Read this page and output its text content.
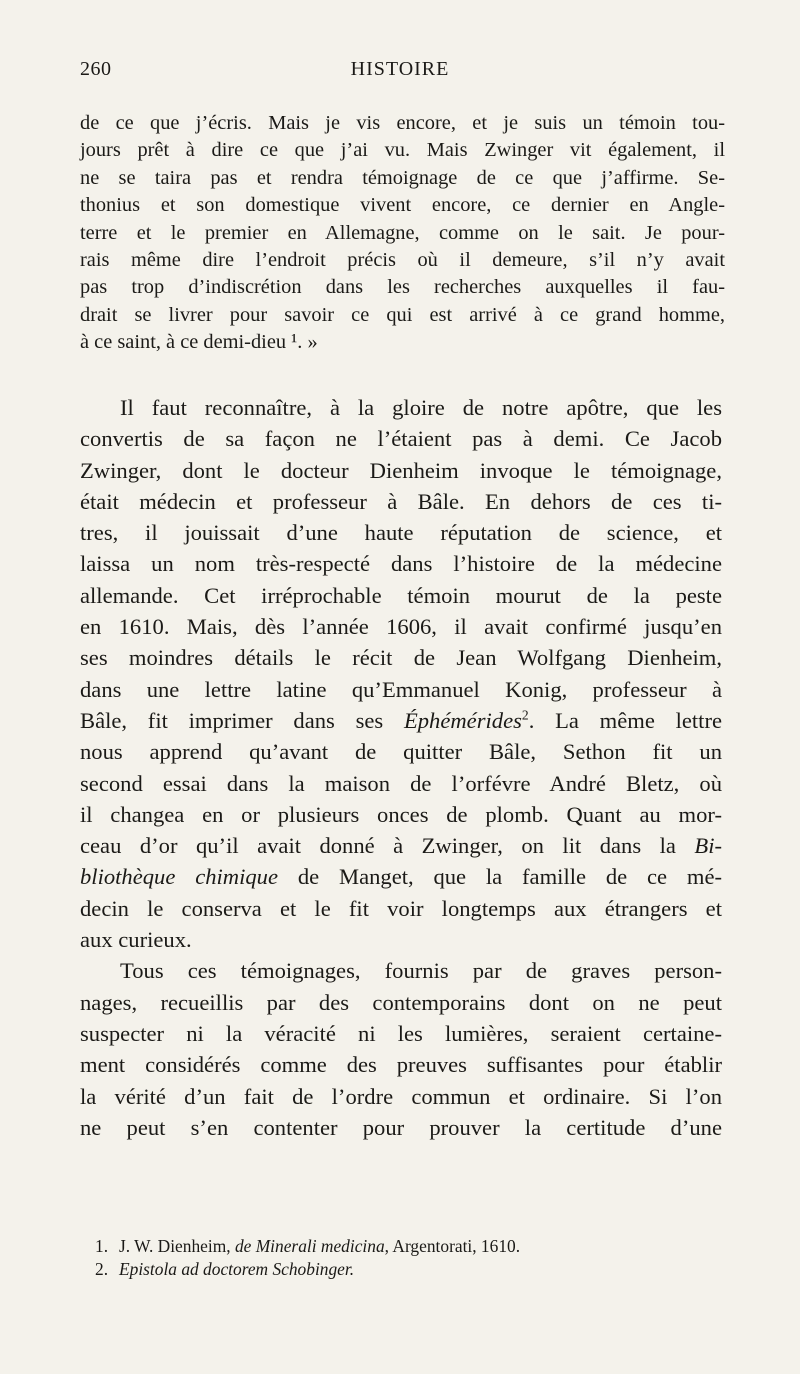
260	HISTOIRE
de ce que j’écris. Mais je vis encore, et je suis un témoin tou-
jours prêt à dire ce que j’ai vu. Mais Zwinger vit également, il
ne se taira pas et rendra témoignage de ce que j’affirme. Se-
thonius et son domestique vivent encore, ce dernier en Angle-
terre et le premier en Allemagne, comme on le sait. Je pour-
rais même dire l’endroit précis où il demeure, s’il n’y avait
pas trop d’indiscrétion dans les recherches auxquelles il fau-
drait se livrer pour savoir ce qui est arrivé à ce grand homme,
à ce saint, à ce demi-dieu ¹. »
Il faut reconnaître, à la gloire de notre apôtre, que les
convertis de sa façon ne l’étaient pas à demi. Ce Jacob
Zwinger, dont le docteur Dienheim invoque le témoignage,
était médecin et professeur à Bâle. En dehors de ces ti-
tres, il jouissait d’une haute réputation de science, et
laissa un nom très-respecté dans l’histoire de la médecine
allemande. Cet irréprochable témoin mourut de la peste
en 1610. Mais, dès l’année 1606, il avait confirmé jusqu’en
ses moindres détails le récit de Jean Wolfgang Dienheim,
dans une lettre latine qu’Emmanuel Konig, professeur à
Bâle, fit imprimer dans ses Éphémérides$^2$. La même lettre
nous apprend qu’avant de quitter Bâle, Sethon fit un
second essai dans la maison de l’orfévre André Bletz, où
il changea en or plusieurs onces de plomb. Quant au mor-
ceau d’or qu’il avait donné à Zwinger, on lit dans la Bi-
bliothèque chimique de Manget, que la famille de ce mé-
decin le conserva et le fit voir longtemps aux étrangers et
aux curieux.
Tous ces témoignages, fournis par de graves person-
nages, recueillis par des contemporains dont on ne peut
suspecter ni la véracité ni les lumières, seraient certaine-
ment considérés comme des preuves suffisantes pour établir
la vérité d’un fait de l’ordre commun et ordinaire. Si l’on
ne peut s’en contenter pour prouver la certitude d’une
1. J. W. Dienheim, de Minerali medicina, Argentorati, 1610.
2. Epistola ad doctorem Schobinger.
